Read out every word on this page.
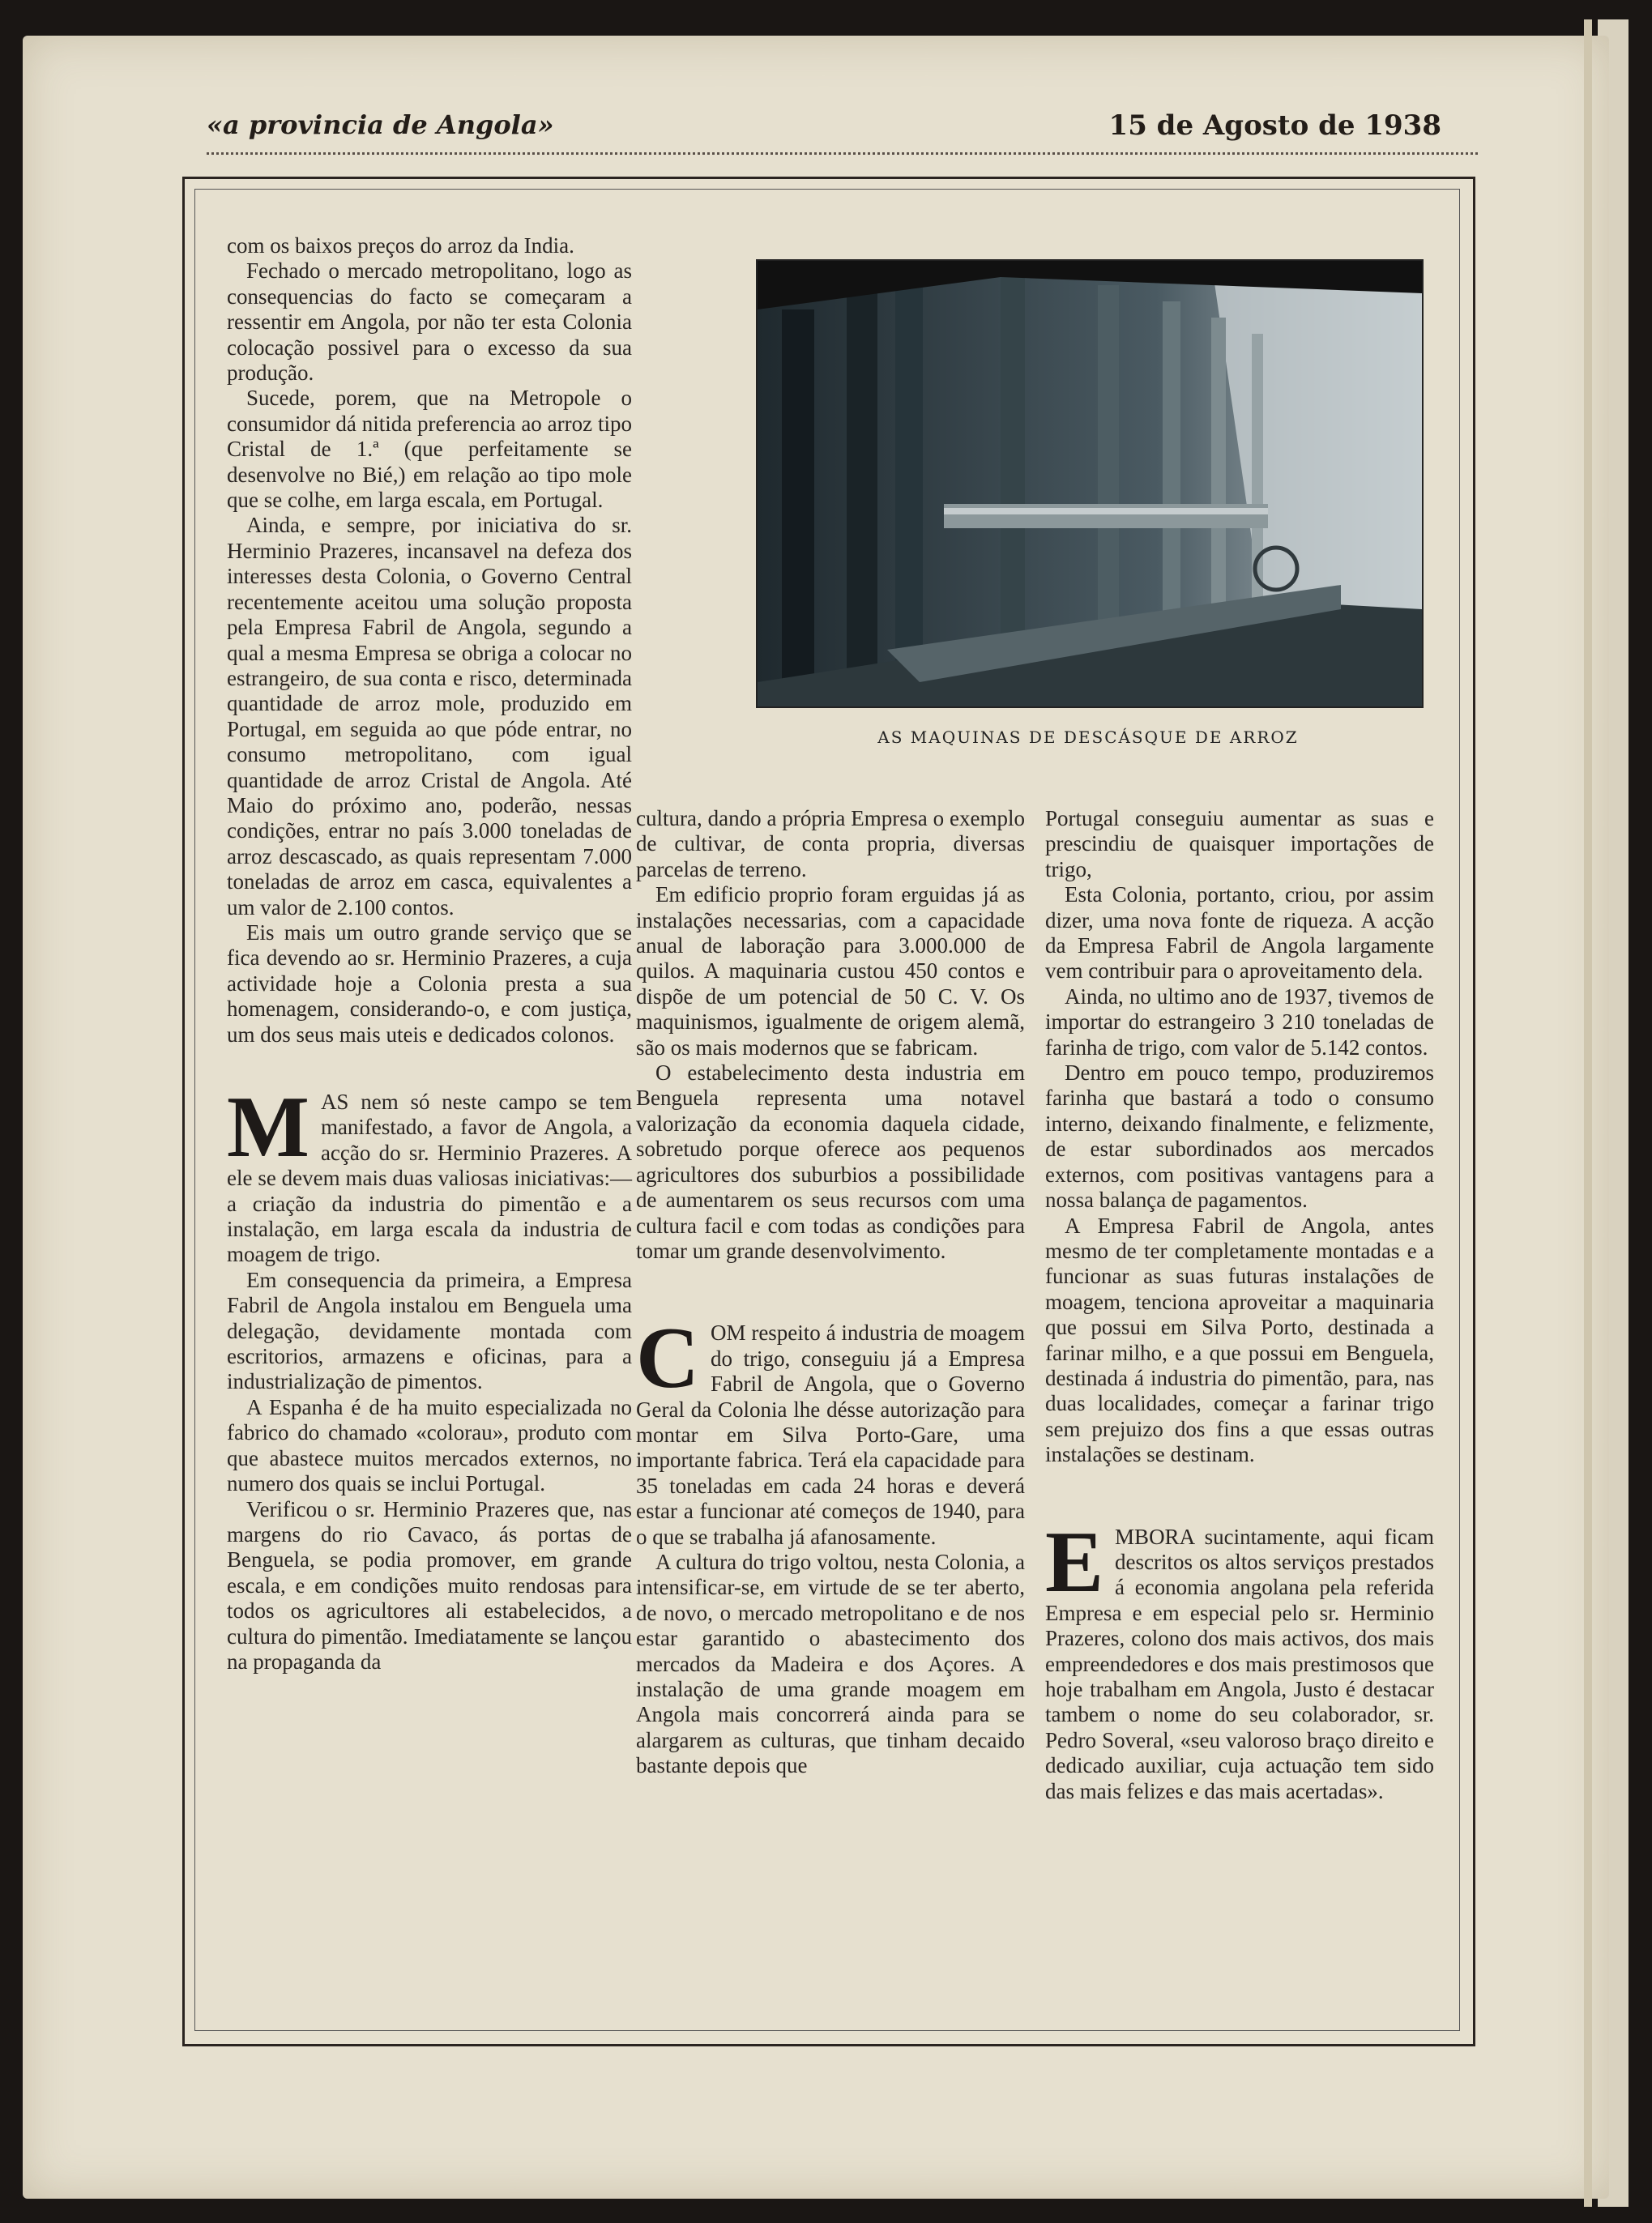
«a provincia de Angola»	15 de Agosto de 1938
AS MAQUINAS DE DESCÁSQUE DE ARROZ

com os baixos preços do arroz da India.

Fechado o mercado metropolitano, logo as consequencias do facto se começaram a ressentir em Angola, por não ter esta Colonia colocação possivel para o excesso da sua produção.

Sucede, porem, que na Metropole o consumidor dá nitida preferencia ao arroz tipo Cristal de 1.ª (que perfeitamente se desenvolve no Bié,) em relação ao tipo mole que se colhe, em larga escala, em Portugal.

Ainda, e sempre, por iniciativa do sr. Herminio Prazeres, incansavel na defeza dos interesses desta Colonia, o Governo Central recentemente aceitou uma solução proposta pela Empresa Fabril de Angola, segundo a qual a mesma Empresa se obriga a colocar no estrangeiro, de sua conta e risco, determinada quantidade de arroz mole, produzido em Portugal, em seguida ao que póde entrar, no consumo metropolitano, com igual quantidade de arroz Cristal de Angola. Até Maio do próximo ano, poderão, nessas condições, entrar no país 3.000 toneladas de arroz descascado, as quais representam 7.000 toneladas de arroz em casca, equivalentes a um valor de 2.100 contos.

Eis mais um outro grande serviço que se fica devendo ao sr. Herminio Prazeres, a cuja actividade hoje a Colonia presta a sua homenagem, considerando-o, e com justiça, um dos seus mais uteis e dedicados colonos.

M AS nem só neste campo se tem manifestado, a favor de Angola, a acção do sr. Herminio Prazeres. A ele se devem mais duas valiosas iniciativas:—a criação da industria do pimentão e a instalação, em larga escala da industria de moagem de trigo.

Em consequencia da primeira, a Empresa Fabril de Angola instalou em Benguela uma delegação, devidamente montada com escritorios, armazens e oficinas, para a industrialização de pimentos.

A Espanha é de ha muito especializada no fabrico do chamado «colorau», produto com que abastece muitos mercados externos, no numero dos quais se inclui Portugal.

Verificou o sr. Herminio Prazeres que, nas margens do rio Cavaco, ás portas de Benguela, se podia promover, em grande escala, e em condições muito rendosas para todos os agricultores ali estabelecidos, a cultura do pimentão. Imediatamente se lançou na propaganda da

cultura, dando a própria Empresa o exemplo de cultivar, de conta propria, diversas parcelas de terreno.

Em edificio proprio foram erguidas já as instalações necessarias, com a capacidade anual de laboração para 3.000.000 de quilos. A maquinaria custou 450 contos e dispõe de um potencial de 50 C. V. Os maquinismos, igualmente de origem alemã, são os mais modernos que se fabricam.

O estabelecimento desta industria em Benguela representa uma notavel valorização da economia daquela cidade, sobretudo porque oferece aos pequenos agricultores dos suburbios a possibilidade de aumentarem os seus recursos com uma cultura facil e com todas as condições para tomar um grande desenvolvimento.

C OM respeito á industria de moagem do trigo, conseguiu já a Empresa Fabril de Angola, que o Governo Geral da Colonia lhe désse autorização para montar em Silva Porto-Gare, uma importante fabrica. Terá ela capacidade para 35 toneladas em cada 24 horas e deverá estar a funcionar até começos de 1940, para o que se trabalha já afanosamente.

A cultura do trigo voltou, nesta Colonia, a intensificar-se, em virtude de se ter aberto, de novo, o mercado metropolitano e de nos estar garantido o abastecimento dos mercados da Madeira e dos Açores. A instalação de uma grande moagem em Angola mais concorrerá ainda para se alargarem as culturas, que tinham decaido bastante depois que

Portugal conseguiu aumentar as suas e prescindiu de quaisquer importações de trigo,

Esta Colonia, portanto, criou, por assim dizer, uma nova fonte de riqueza. A acção da Empresa Fabril de Angola largamente vem contribuir para o aproveitamento dela.

Ainda, no ultimo ano de 1937, tivemos de importar do estrangeiro 3 210 toneladas de farinha de trigo, com valor de 5.142 contos.

Dentro em pouco tempo, produziremos farinha que bastará a todo o consumo interno, deixando finalmente, e felizmente, de estar subordinados aos mercados externos, com positivas vantagens para a nossa balança de pagamentos.

A Empresa Fabril de Angola, antes mesmo de ter completamente montadas e a funcionar as suas futuras instalações de moagem, tenciona aproveitar a maquinaria que possui em Silva Porto, destinada a farinar milho, e a que possui em Benguela, destinada á industria do pimentão, para, nas duas localidades, começar a farinar trigo sem prejuizo dos fins a que essas outras instalações se destinam.

E MBORA sucintamente, aqui ficam descritos os altos serviços prestados á economia angolana pela referida Empresa e em especial pelo sr. Herminio Prazeres, colono dos mais activos, dos mais empreendedores e dos mais prestimosos que hoje trabalham em Angola, Justo é destacar tambem o nome do seu colaborador, sr. Pedro Soveral, «seu valoroso braço direito e dedicado auxiliar, cuja actuação tem sido das mais felizes e das mais acertadas».
